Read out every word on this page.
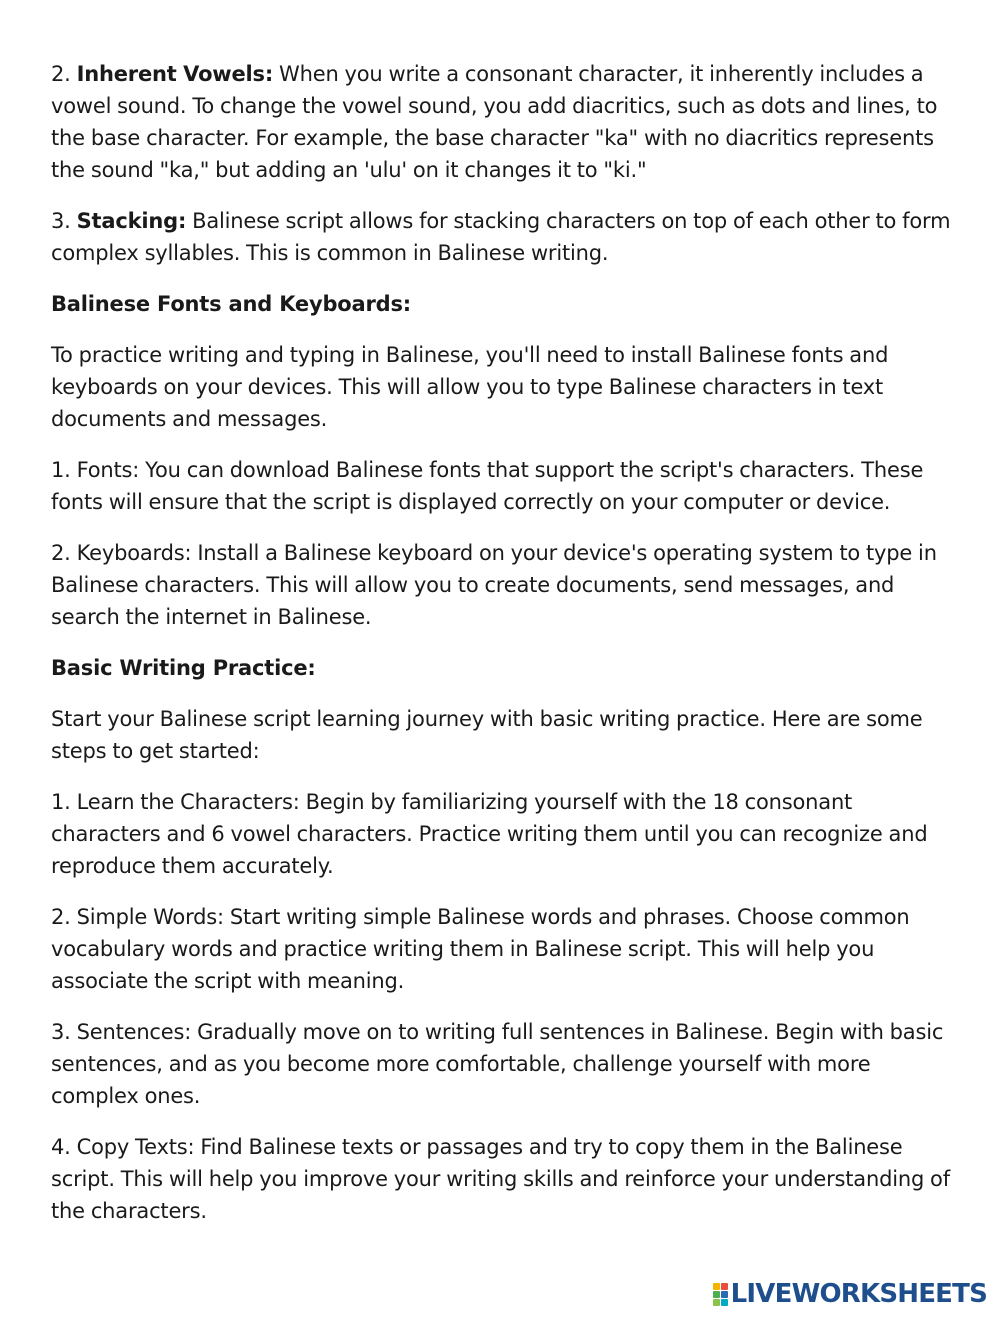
2. Inherent Vowels: When you write a consonant character, it inherently includes a vowel sound. To change the vowel sound, you add diacritics, such as dots and lines, to the base character. For example, the base character "ka" with no diacritics represents the sound "ka," but adding an 'ulu' on it changes it to "ki."

3. Stacking: Balinese script allows for stacking characters on top of each other to form complex syllables. This is common in Balinese writing.

Balinese Fonts and Keyboards:

To practice writing and typing in Balinese, you'll need to install Balinese fonts and keyboards on your devices. This will allow you to type Balinese characters in text documents and messages.

1. Fonts: You can download Balinese fonts that support the script's characters. These fonts will ensure that the script is displayed correctly on your computer or device.

2. Keyboards: Install a Balinese keyboard on your device's operating system to type in Balinese characters. This will allow you to create documents, send messages, and search the internet in Balinese.

Basic Writing Practice:

Start your Balinese script learning journey with basic writing practice. Here are some steps to get started:

1. Learn the Characters: Begin by familiarizing yourself with the 18 consonant characters and 6 vowel characters. Practice writing them until you can recognize and reproduce them accurately.

2. Simple Words: Start writing simple Balinese words and phrases. Choose common vocabulary words and practice writing them in Balinese script. This will help you associate the script with meaning.

3. Sentences: Gradually move on to writing full sentences in Balinese. Begin with basic sentences, and as you become more comfortable, challenge yourself with more complex ones.

4. Copy Texts: Find Balinese texts or passages and try to copy them in the Balinese script. This will help you improve your writing skills and reinforce your understanding of the characters.

LIVEWORKSHEETS
